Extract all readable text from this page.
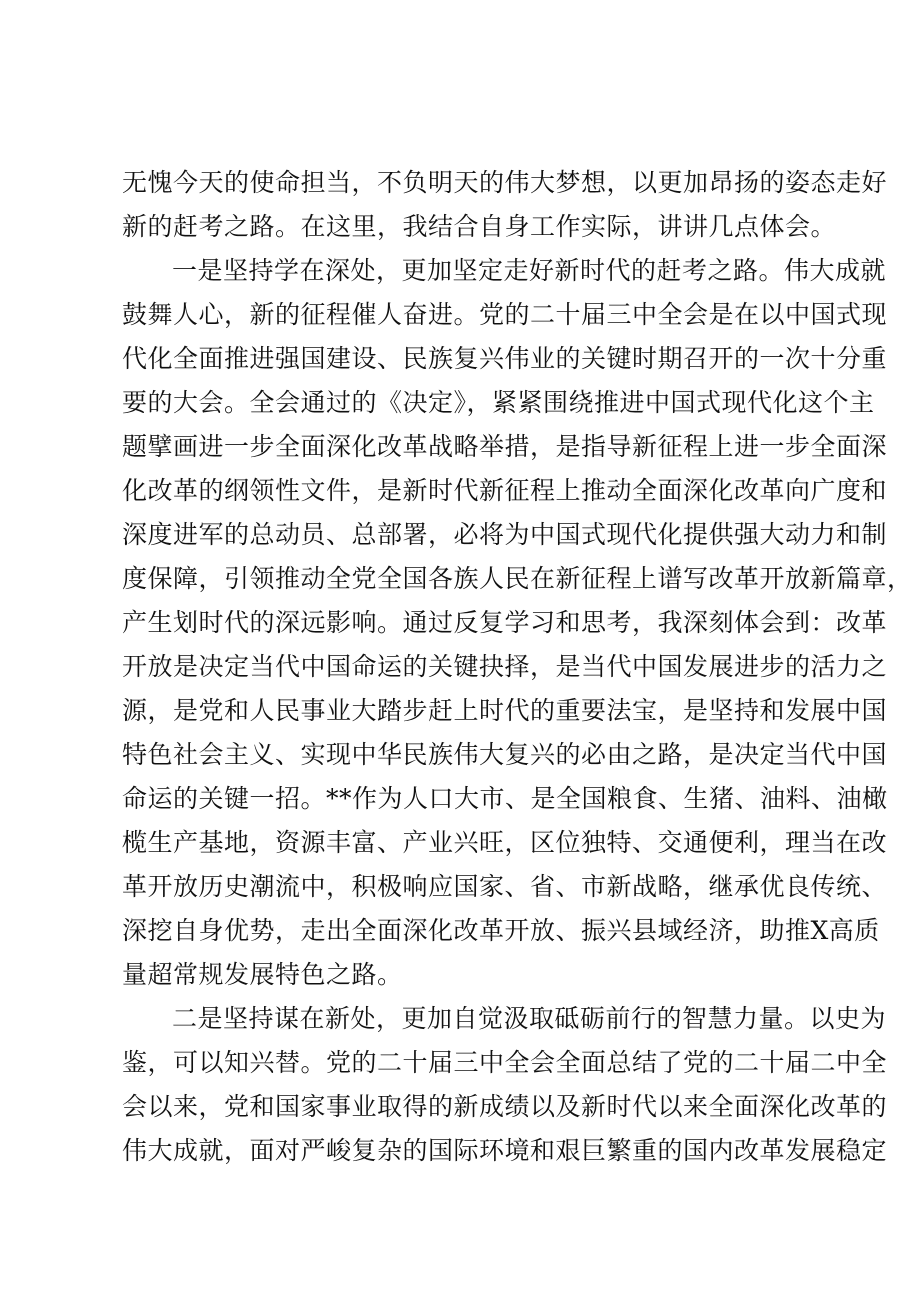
无愧今天的使命担当，不负明天的伟大梦想，以更加昂扬的姿态走好
新的赶考之路。在这里，我结合自身工作实际，讲讲几点体会。
一是坚持学在深处，更加坚定走好新时代的赶考之路。伟大成就
鼓舞人心，新的征程催人奋进。党的二十届三中全会是在以中国式现
代化全面推进强国建设、民族复兴伟业的关键时期召开的一次十分重
要的大会。全会通过的《决定》，紧紧围绕推进中国式现代化这个主
题擘画进一步全面深化改革战略举措，是指导新征程上进一步全面深
化改革的纲领性文件，是新时代新征程上推动全面深化改革向广度和
深度进军的总动员、总部署，必将为中国式现代化提供强大动力和制
度保障，引领推动全党全国各族人民在新征程上谱写改革开放新篇章，
产生划时代的深远影响。通过反复学习和思考，我深刻体会到：改革
开放是决定当代中国命运的关键抉择，是当代中国发展进步的活力之
源，是党和人民事业大踏步赶上时代的重要法宝，是坚持和发展中国
特色社会主义、实现中华民族伟大复兴的必由之路，是决定当代中国
命运的关键一招。**作为人口大市、是全国粮食、生猪、油料、油橄
榄生产基地，资源丰富、产业兴旺，区位独特、交通便利，理当在改
革开放历史潮流中，积极响应国家、省、市新战略，继承优良传统、
深挖自身优势，走出全面深化改革开放、振兴县域经济，助推X高质
量超常规发展特色之路。
二是坚持谋在新处，更加自觉汲取砥砺前行的智慧力量。以史为
鉴，可以知兴替。党的二十届三中全会全面总结了党的二十届二中全
会以来，党和国家事业取得的新成绩以及新时代以来全面深化改革的
伟大成就，面对严峻复杂的国际环境和艰巨繁重的国内改革发展稳定
